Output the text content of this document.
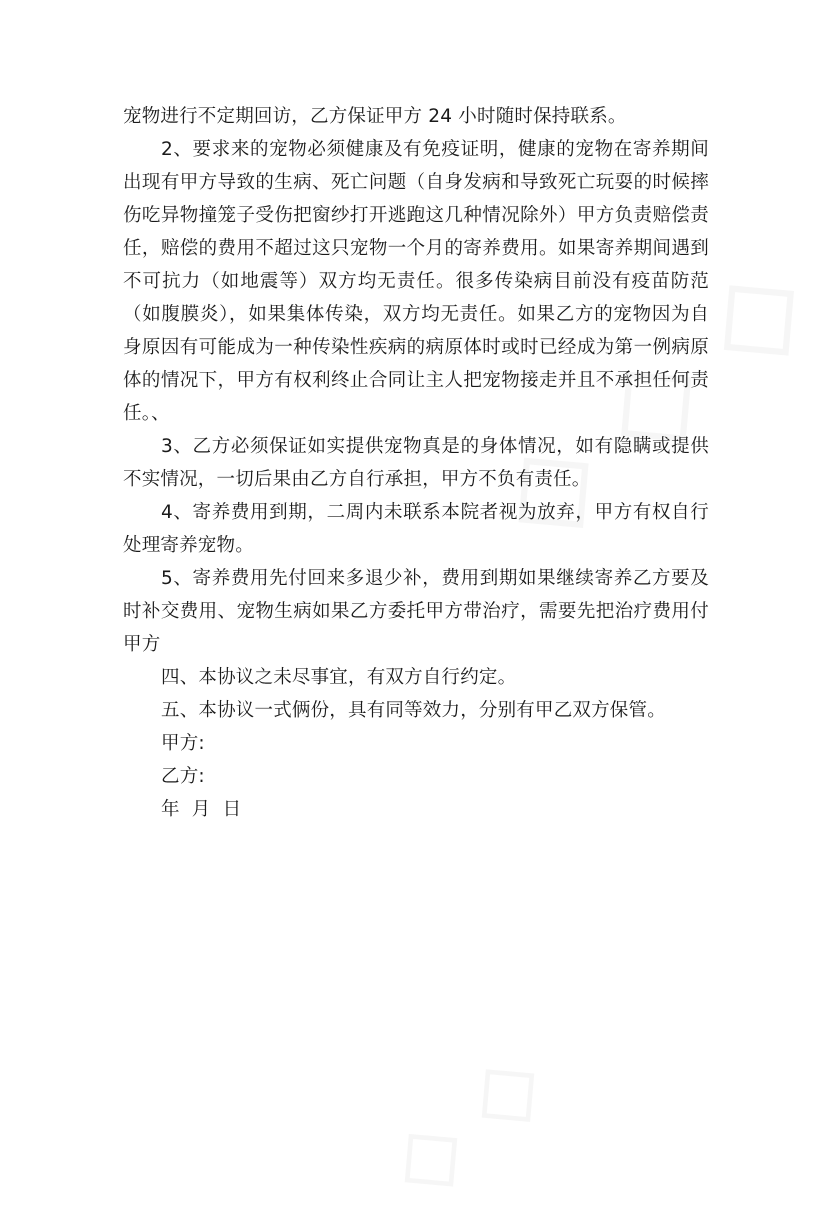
宠物进行不定期回访，乙方保证甲方 24 小时随时保持联系。

2、要求来的宠物必须健康及有免疫证明，健康的宠物在寄养期间出现有甲方导致的生病、死亡问题（自身发病和导致死亡玩耍的时候摔伤吃异物撞笼子受伤把窗纱打开逃跑这几种情况除外）甲方负责赔偿责任，赔偿的费用不超过这只宠物一个月的寄养费用。如果寄养期间遇到不可抗力（如地震等）双方均无责任。很多传染病目前没有疫苗防范（如腹膜炎），如果集体传染，双方均无责任。如果乙方的宠物因为自身原因有可能成为一种传染性疾病的病原体时或时已经成为第一例病原体的情况下，甲方有权利终止合同让主人把宠物接走并且不承担任何责任。、

3、乙方必须保证如实提供宠物真是的身体情况，如有隐瞒或提供不实情况，一切后果由乙方自行承担，甲方不负有责任。

4、寄养费用到期，二周内未联系本院者视为放弃，甲方有权自行处理寄养宠物。

5、寄养费用先付回来多退少补，费用到期如果继续寄养乙方要及时补交费用、宠物生病如果乙方委托甲方带治疗，需要先把治疗费用付甲方

四、本协议之未尽事宜，有双方自行约定。

五、本协议一式俩份，具有同等效力，分别有甲乙双方保管。

甲方:

乙方:

年 月 日
